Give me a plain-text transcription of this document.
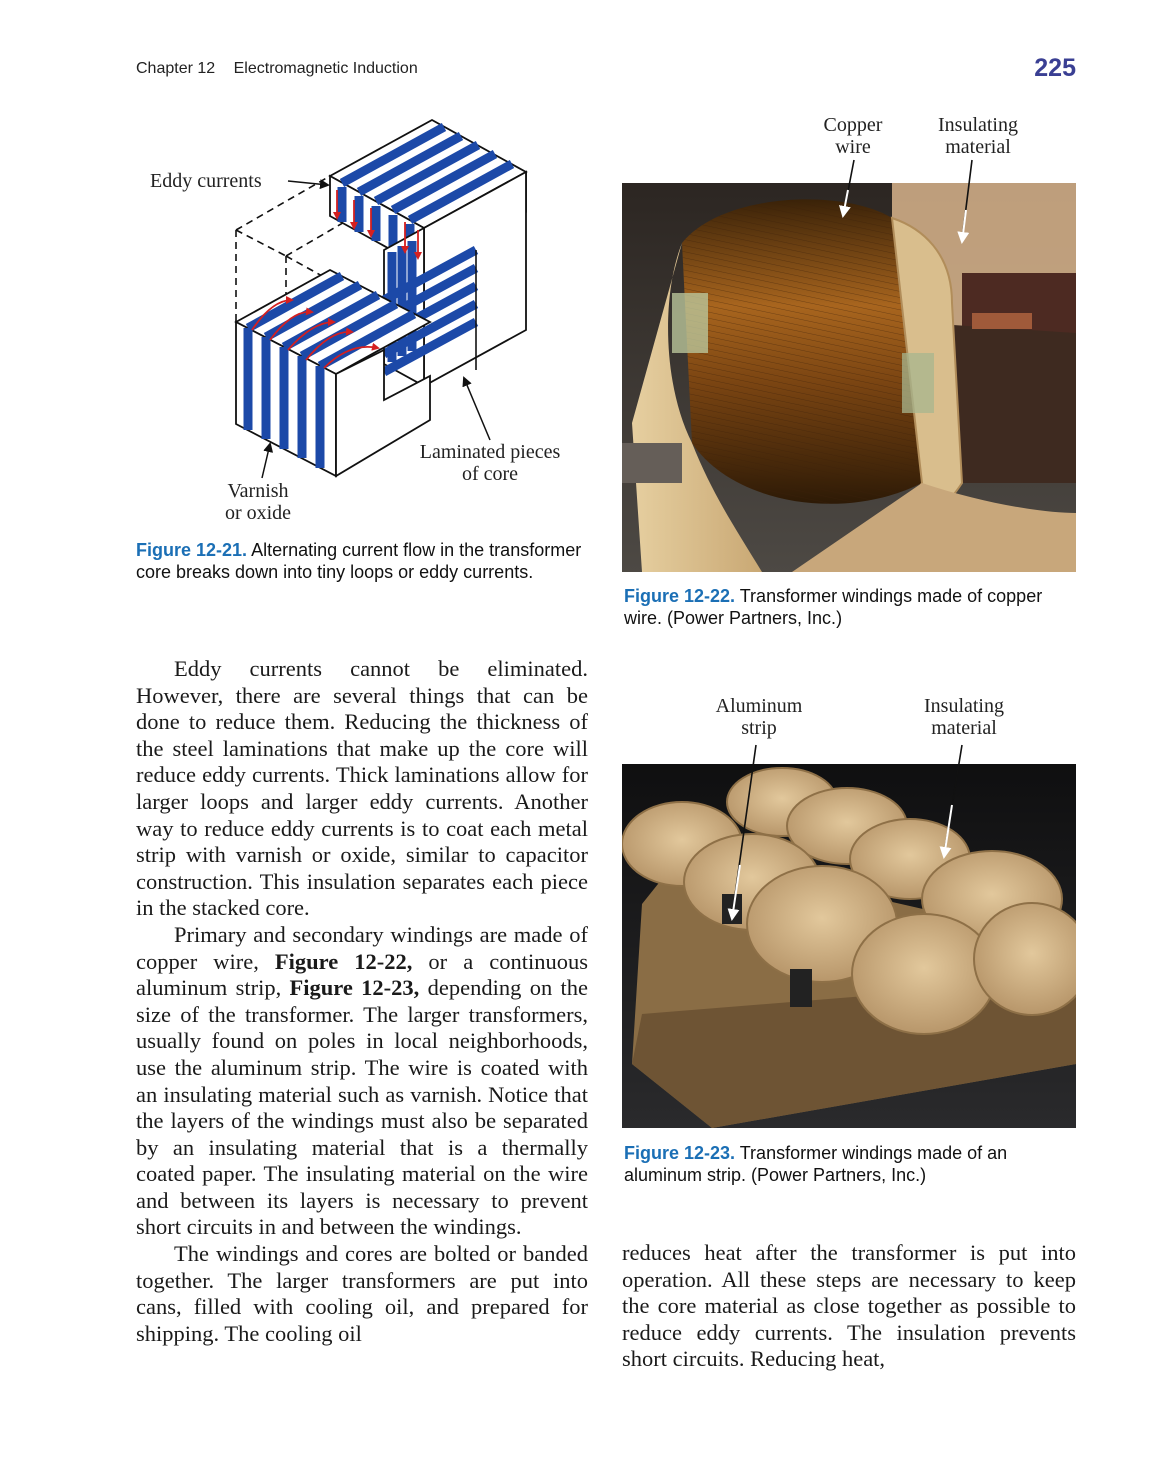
Chapter 12 Electromagnetic Induction	225
Eddy currents
Laminated pieces
of core
Varnish
or oxide
Figure 12-21. Alternating current flow in the transformer core breaks down into tiny loops or eddy currents.
Copper
wire
Insulating
material
Figure 12-22. Transformer windings made of copper wire. (Power Partners, Inc.)
Aluminum
strip
Insulating
material
Figure 12-23. Transformer windings made of an aluminum strip. (Power Partners, Inc.)

Eddy currents cannot be eliminated. However, there are several things that can be done to reduce them. Reducing the thickness of the steel laminations that make up the core will reduce eddy currents. Thick laminations allow for larger loops and larger eddy currents. Another way to reduce eddy currents is to coat each metal strip with varnish or oxide, similar to capacitor construction. This insulation separates each piece in the stacked core.

Primary and secondary windings are made of copper wire, Figure 12-22, or a continuous aluminum strip, Figure 12-23, depending on the size of the transformer. The larger transformers, usually found on poles in local neighborhoods, use the aluminum strip. The wire is coated with an insulating material such as varnish. Notice that the layers of the windings must also be separated by an insulating material that is a thermally coated paper. The insulating material on the wire and between its layers is necessary to prevent short circuits in and between the windings.

The windings and cores are bolted or banded together. The larger transformers are put into cans, filled with cooling oil, and prepared for shipping. The cooling oil

reduces heat after the transformer is put into operation. All these steps are necessary to keep the core material as close together as possible to reduce eddy currents. The insulation prevents short circuits. Reducing heat,
